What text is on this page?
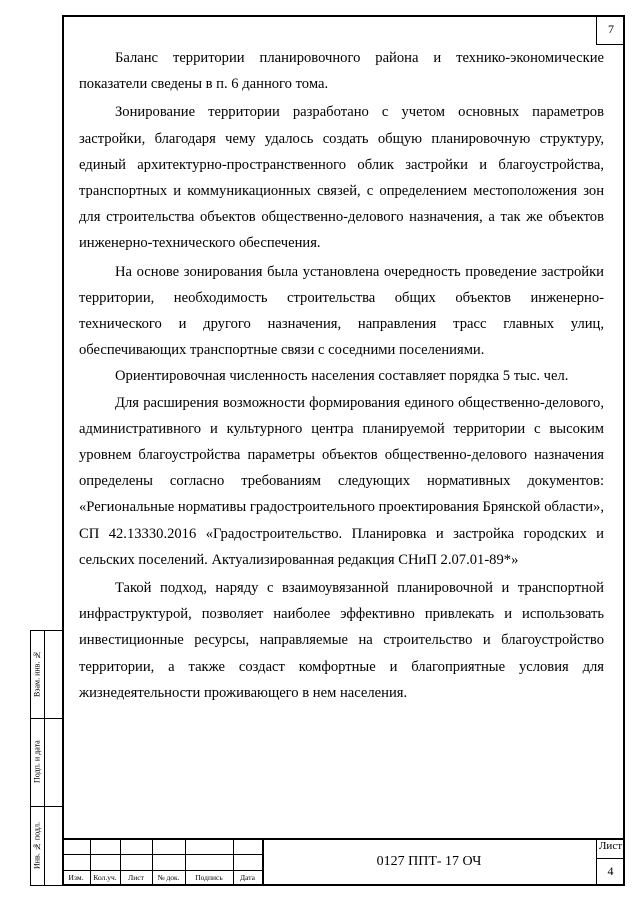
7

Баланс территории планировочного района и технико-экономические показатели сведены в п. 6 данного тома.

Зонирование территории разработано с учетом основных параметров застройки, благодаря чему удалось создать общую планировочную структуру, единый архитектурно-пространственного облик застройки и благоустройства, транспортных и коммуникационных связей, с определением местоположения зон для строительства объектов общественно-делового назначения, а так же объектов инженерно-технического обеспечения.

На основе зонирования была установлена очередность проведение застройки территории, необходимость строительства общих объектов инженерно-технического и другого назначения, направления трасс главных улиц, обеспечивающих транспортные связи с соседними поселениями.

Ориентировочная численность населения составляет порядка 5 тыс. чел.

Для расширения возможности формирования единого общественно-делового, административного и культурного центра планируемой территории с высоким уровнем благоустройства параметры объектов общественно-делового назначения определены согласно требованиям следующих нормативных документов: «Региональные нормативы градостроительного проектирования Брянской области», СП 42.13330.2016 «Градостроительство. Планировка и застройка городских и сельских поселений. Актуализированная редакция СНиП 2.07.01-89*»

Такой подход, наряду с взаимоувязанной планировочной и транспортной инфраструктурой, позволяет наиболее эффективно привлекать и использовать инвестиционные ресурсы, направляемые на строительство и благоустройство территории, а также создаст комфортные и благоприятные условия для жизнедеятельности проживающего в нем населения.

Взам. инв. №
Подп. и дата
Инв. № подл.
Изм.	Кол.уч.	Лист	№ док.	Подпись	Дата
0127 ППТ- 17 ОЧ
Лист
4
